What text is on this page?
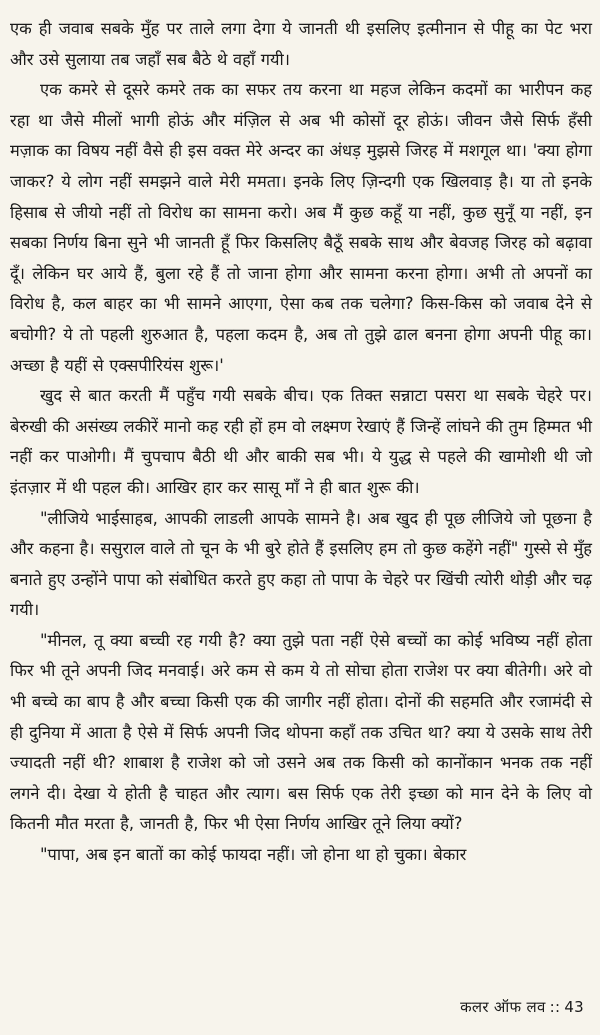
एक ही जवाब सबके मुँह पर ताले लगा देगा ये जानती थी इसलिए इत्मीनान से पीहू का पेट भरा और उसे सुलाया तब जहाँ सब बैठे थे वहाँ गयी।

एक कमरे से दूसरे कमरे तक का सफर तय करना था महज लेकिन कदमों का भारीपन कह रहा था जैसे मीलों भागी होऊं और मंज़िल से अब भी कोसों दूर होऊं। जीवन जैसे सिर्फ हँसी मज़ाक का विषय नहीं वैसे ही इस वक्त मेरे अन्दर का अंधड़ मुझसे जिरह में मशगूल था। 'क्या होगा जाकर? ये लोग नहीं समझने वाले मेरी ममता। इनके लिए ज़िन्दगी एक खिलवाड़ है। या तो इनके हिसाब से जीयो नहीं तो विरोध का सामना करो। अब मैं कुछ कहूँ या नहीं, कुछ सुनूँ या नहीं, इन सबका निर्णय बिना सुने भी जानती हूँ फिर किसलिए बैठूँ सबके साथ और बेवजह जिरह को बढ़ावा दूँ। लेकिन घर आये हैं, बुला रहे हैं तो जाना होगा और सामना करना होगा। अभी तो अपनों का विरोध है, कल बाहर का भी सामने आएगा, ऐसा कब तक चलेगा? किस-किस को जवाब देने से बचोगी? ये तो पहली शुरुआत है, पहला कदम है, अब तो तुझे ढाल बनना होगा अपनी पीहू का। अच्छा है यहीं से एक्सपीरियंस शुरू।'

खुद से बात करती मैं पहुँच गयी सबके बीच। एक तिक्त सन्नाटा पसरा था सबके चेहरे पर। बेरुखी की असंख्य लकीरें मानो कह रही हों हम वो लक्ष्मण रेखाएं हैं जिन्हें लांघने की तुम हिम्मत भी नहीं कर पाओगी। मैं चुपचाप बैठी थी और बाकी सब भी। ये युद्ध से पहले की खामोशी थी जो इंतज़ार में थी पहल की। आखिर हार कर सासू माँ ने ही बात शुरू की।

"लीजिये भाईसाहब, आपकी लाडली आपके सामने है। अब खुद ही पूछ लीजिये जो पूछना है और कहना है। ससुराल वाले तो चून के भी बुरे होते हैं इसलिए हम तो कुछ कहेंगे नहीं" गुस्से से मुँह बनाते हुए उन्होंने पापा को संबोधित करते हुए कहा तो पापा के चेहरे पर खिंची त्योरी थोड़ी और चढ़ गयी।

"मीनल, तू क्या बच्ची रह गयी है? क्या तुझे पता नहीं ऐसे बच्चों का कोई भविष्य नहीं होता फिर भी तूने अपनी जिद मनवाई। अरे कम से कम ये तो सोचा होता राजेश पर क्या बीतेगी। अरे वो भी बच्चे का बाप है और बच्चा किसी एक की जागीर नहीं होता। दोनों की सहमति और रजामंदी से ही दुनिया में आता है ऐसे में सिर्फ अपनी जिद थोपना कहाँ तक उचित था? क्या ये उसके साथ तेरी ज्यादती नहीं थी? शाबाश है राजेश को जो उसने अब तक किसी को कानोंकान भनक तक नहीं लगने दी। देखा ये होती है चाहत और त्याग। बस सिर्फ एक तेरी इच्छा को मान देने के लिए वो कितनी मौत मरता है, जानती है, फिर भी ऐसा निर्णय आखिर तूने लिया क्यों?

"पापा, अब इन बातों का कोई फायदा नहीं। जो होना था हो चुका। बेकार

कलर ऑफ लव :: 43
